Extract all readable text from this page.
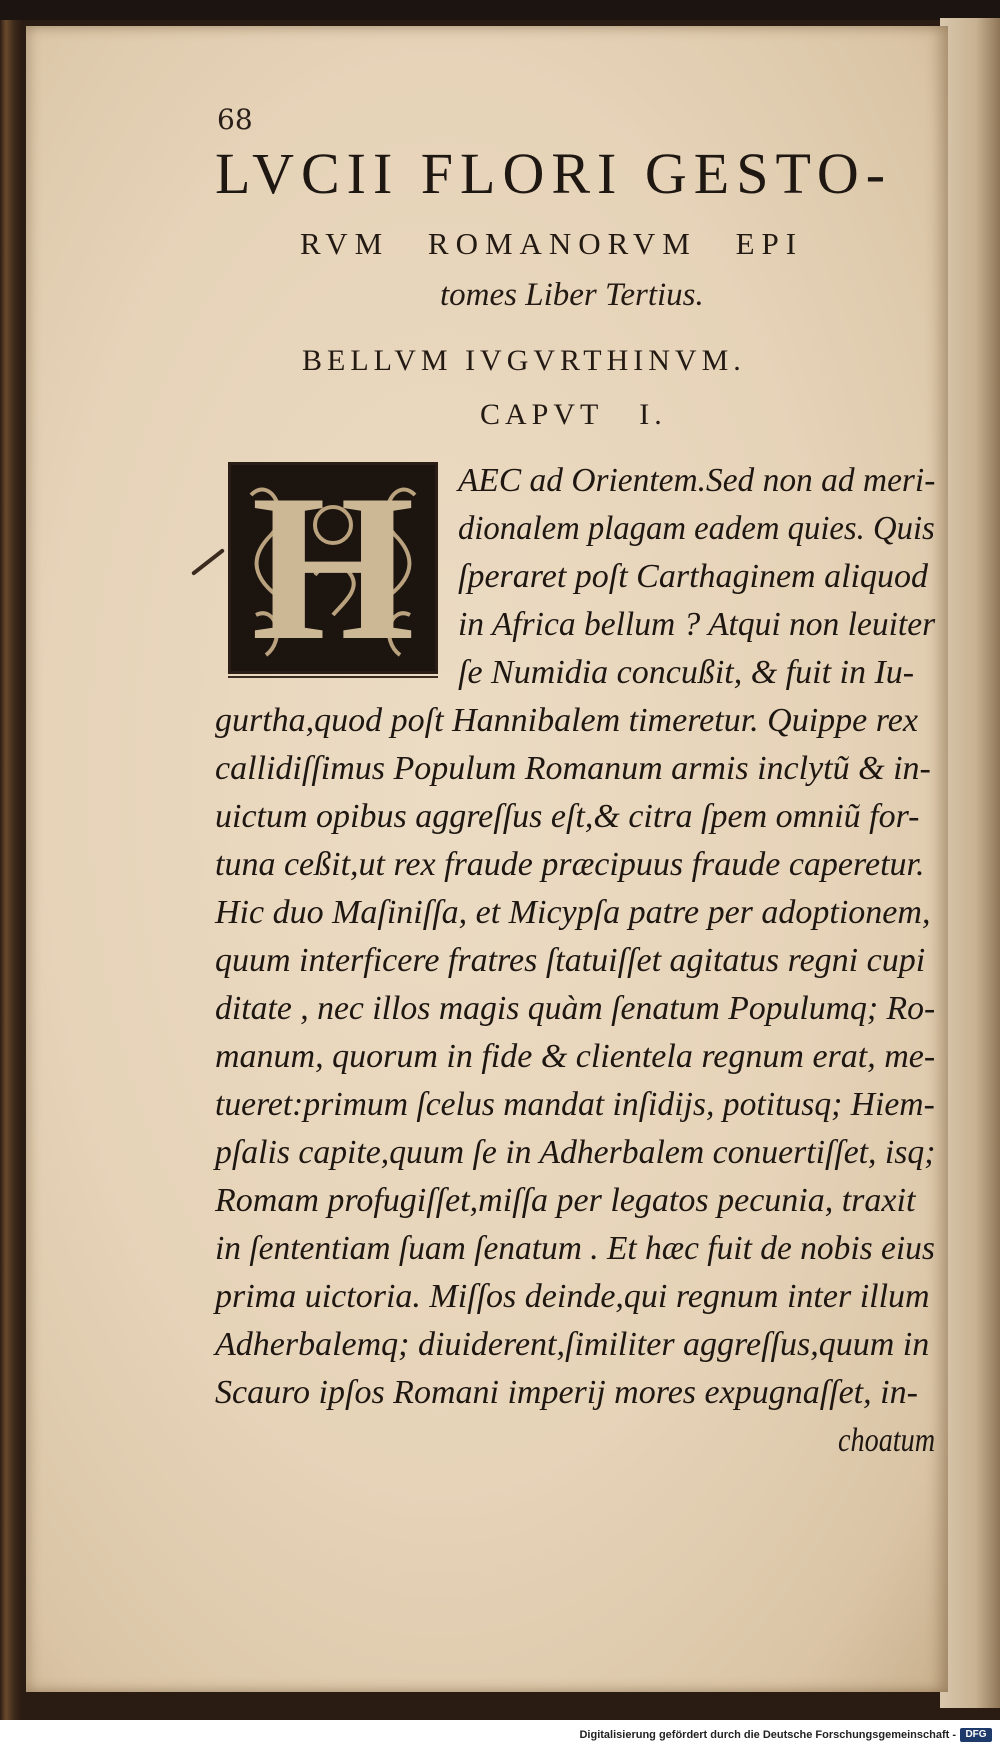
68
LVCII FLORI GESTO-
RVM ROMANORVM EPI
tomes Liber Tertius.
BELLVM IVGVRTHINVM.
CAPVT I.
H	AEC ad Orientem.Sed non ad meri-
dionalem plagam eadem quies. Quis
ſperaret poſt Carthaginem aliquod
in Africa bellum ? Atqui non leuiter
ſe Numidia concußit, & fuit in Iu-
gurtha,quod poſt Hannibalem timeretur. Quippe rex
callidiſſimus Populum Romanum armis inclytũ & in-
uictum opibus aggreſſus eſt,& citra ſpem omniũ for-
tuna ceßit,ut rex fraude præcipuus fraude caperetur.
Hic duo Maſiniſſa, et Micypſa patre per adoptionem,
quum interficere fratres ſtatuiſſet agitatus regni cupi
ditate , nec illos magis quàm ſenatum Populumq; Ro-
manum, quorum in fide & clientela regnum erat, me-
tueret:primum ſcelus mandat inſidijs, potitusq; Hiem-
pſalis capite,quum ſe in Adherbalem conuertiſſet, isq;
Romam profugiſſet,miſſa per legatos pecunia, traxit
in ſententiam ſuam ſenatum . Et hæc fuit de nobis eius
prima uictoria. Miſſos deinde,qui regnum inter illum
Adherbalemq; diuiderent,ſimiliter aggreſſus,quum in
Scauro ipſos Romani imperij mores expugnaſſet, in-
choatum
Digitalisierung gefördert durch die Deutsche Forschungsgemeinschaft - DFG
